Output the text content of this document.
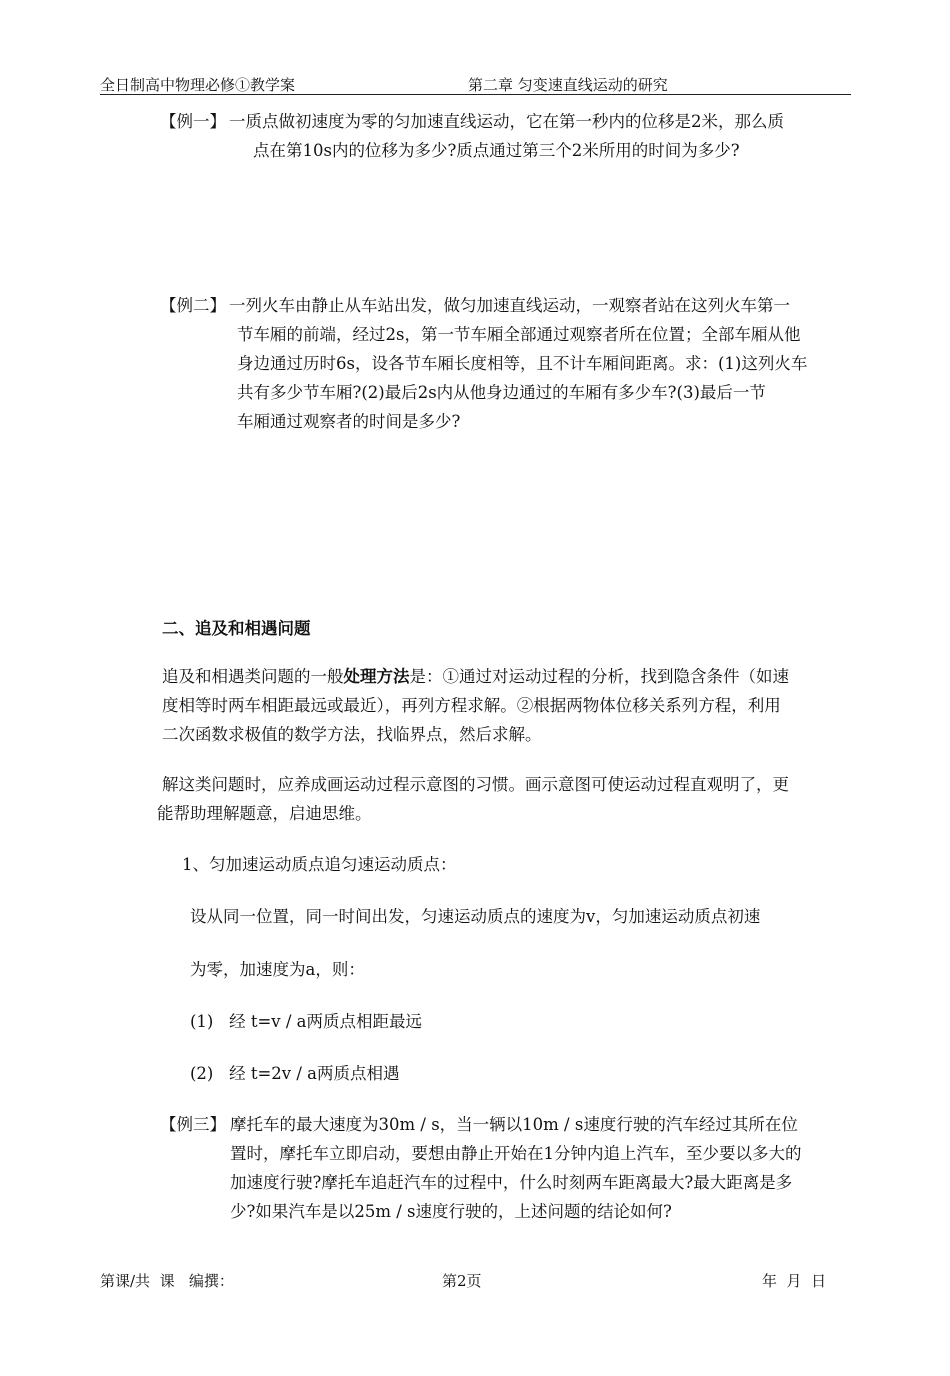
全日制高中物理必修①教学案	第二章 匀变速直线运动的研究
【例一】 一质点做初速度为零的匀加速直线运动，它在第一秒内的位移是2米，那么质
点在第10s内的位移为多少?质点通过第三个2米所用的时间为多少?
【例二】 一列火车由静止从车站出发，做匀加速直线运动，一观察者站在这列火车第一
节车厢的前端，经过2s，第一节车厢全部通过观察者所在位置；全部车厢从他
身边通过历时6s，设各节车厢长度相等，且不计车厢间距离。求：(1)这列火车
共有多少节车厢?(2)最后2s内从他身边通过的车厢有多少车?(3)最后一节
车厢通过观察者的时间是多少?
二、追及和相遇问题
追及和相遇类问题的一般处理方法是：①通过对运动过程的分析，找到隐含条件（如速
度相等时两车相距最远或最近），再列方程求解。②根据两物体位移关系列方程，利用
二次函数求极值的数学方法，找临界点，然后求解。
解这类问题时，应养成画运动过程示意图的习惯。画示意图可使运动过程直观明了，更
能帮助理解题意，启迪思维。
1、匀加速运动质点追匀速运动质点：
设从同一位置，同一时间出发，匀速运动质点的速度为v，匀加速运动质点初速
为零，加速度为a，则：
(1)   经 t=v / a两质点相距最远
(2)   经 t=2v / a两质点相遇
【例三】 摩托车的最大速度为30m / s，当一辆以10m / s速度行驶的汽车经过其所在位
置时，摩托车立即启动，要想由静止开始在1分钟内追上汽车，至少要以多大的
加速度行驶?摩托车追赶汽车的过程中，什么时刻两车距离最大?最大距离是多
少?如果汽车是以25m / s速度行驶的，上述问题的结论如何?
第课/共  课   编撰：	第2页	年  月  日
